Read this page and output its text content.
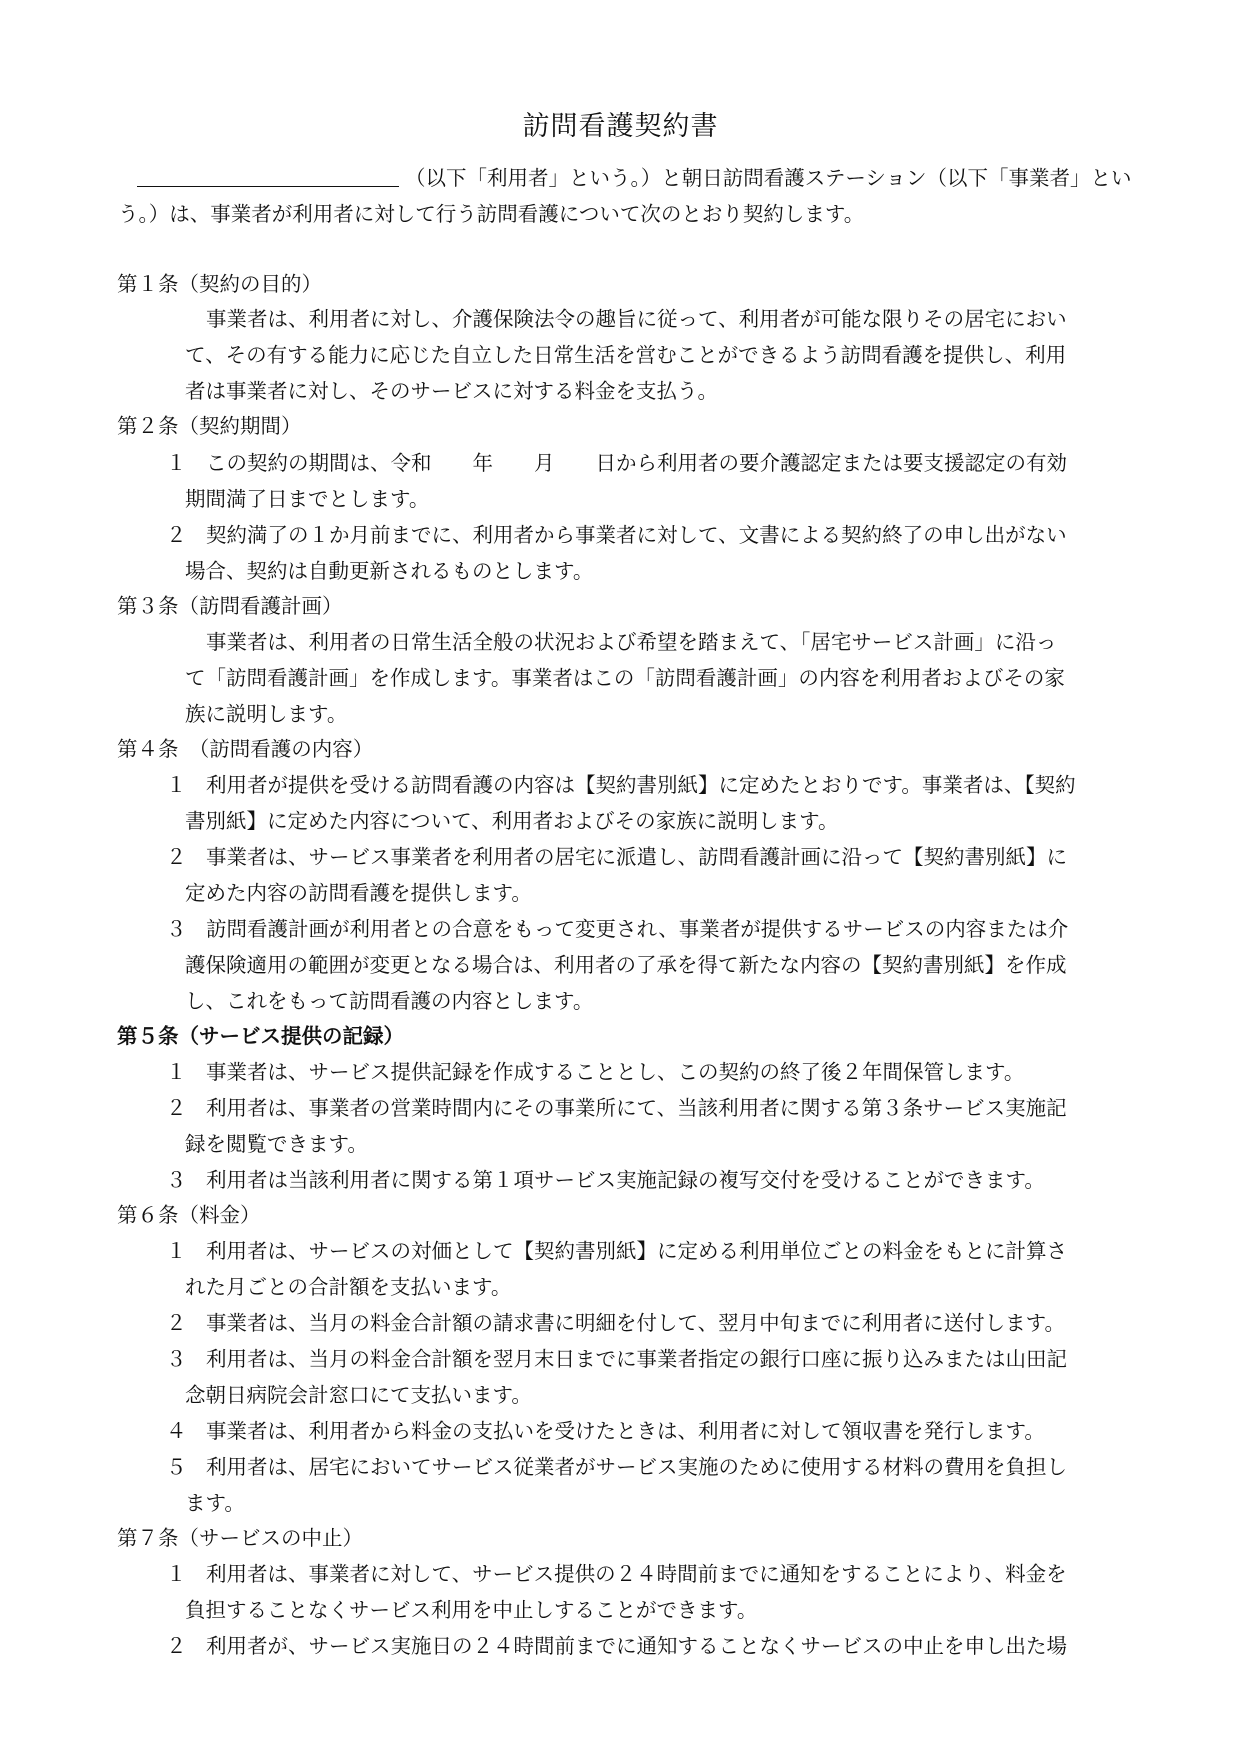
訪問看護契約書
（以下「利用者」という。）と朝日訪問看護ステーション（以下「事業者」とい
う。）は、事業者が利用者に対して行う訪問看護について次のとおり契約します。
第１条（契約の目的）
事業者は、利用者に対し、介護保険法令の趣旨に従って、利用者が可能な限りその居宅におい
て、その有する能力に応じた自立した日常生活を営むことができるよう訪問看護を提供し、利用
者は事業者に対し、そのサービスに対する料金を支払う。
第２条（契約期間）
１ この契約の期間は、令和　　年　　月　　日から利用者の要介護認定または要支援認定の有効
期間満了日までとします。
２ 契約満了の１か月前までに、利用者から事業者に対して、文書による契約終了の申し出がない
場合、契約は自動更新されるものとします。
第３条（訪問看護計画）
事業者は、利用者の日常生活全般の状況および希望を踏まえて、「居宅サービス計画」に沿っ
て「訪問看護計画」を作成します。事業者はこの「訪問看護計画」の内容を利用者およびその家
族に説明します。
第４条　（訪問看護の内容）
１ 利用者が提供を受ける訪問看護の内容は【契約書別紙】に定めたとおりです。事業者は、【契約
書別紙】に定めた内容について、利用者およびその家族に説明します。
２ 事業者は、サービス事業者を利用者の居宅に派遣し、訪問看護計画に沿って【契約書別紙】に
定めた内容の訪問看護を提供します。
３ 訪問看護計画が利用者との合意をもって変更され、事業者が提供するサービスの内容または介
護保険適用の範囲が変更となる場合は、利用者の了承を得て新たな内容の【契約書別紙】を作成
し、これをもって訪問看護の内容とします。
第５条（サービス提供の記録）
１ 事業者は、サービス提供記録を作成することとし、この契約の終了後２年間保管します。
２ 利用者は、事業者の営業時間内にその事業所にて、当該利用者に関する第３条サービス実施記
録を閲覧できます。
３ 利用者は当該利用者に関する第１項サービス実施記録の複写交付を受けることができます。
第６条（料金）
１ 利用者は、サービスの対価として【契約書別紙】に定める利用単位ごとの料金をもとに計算さ
れた月ごとの合計額を支払います。
２ 事業者は、当月の料金合計額の請求書に明細を付して、翌月中旬までに利用者に送付します。
３ 利用者は、当月の料金合計額を翌月末日までに事業者指定の銀行口座に振り込みまたは山田記
念朝日病院会計窓口にて支払います。
４ 事業者は、利用者から料金の支払いを受けたときは、利用者に対して領収書を発行します。
５ 利用者は、居宅においてサービス従業者がサービス実施のために使用する材料の費用を負担し
ます。
第７条（サービスの中止）
１ 利用者は、事業者に対して、サービス提供の２４時間前までに通知をすることにより、料金を
負担することなくサービス利用を中止しすることができます。
２ 利用者が、サービス実施日の２４時間前までに通知することなくサービスの中止を申し出た場
